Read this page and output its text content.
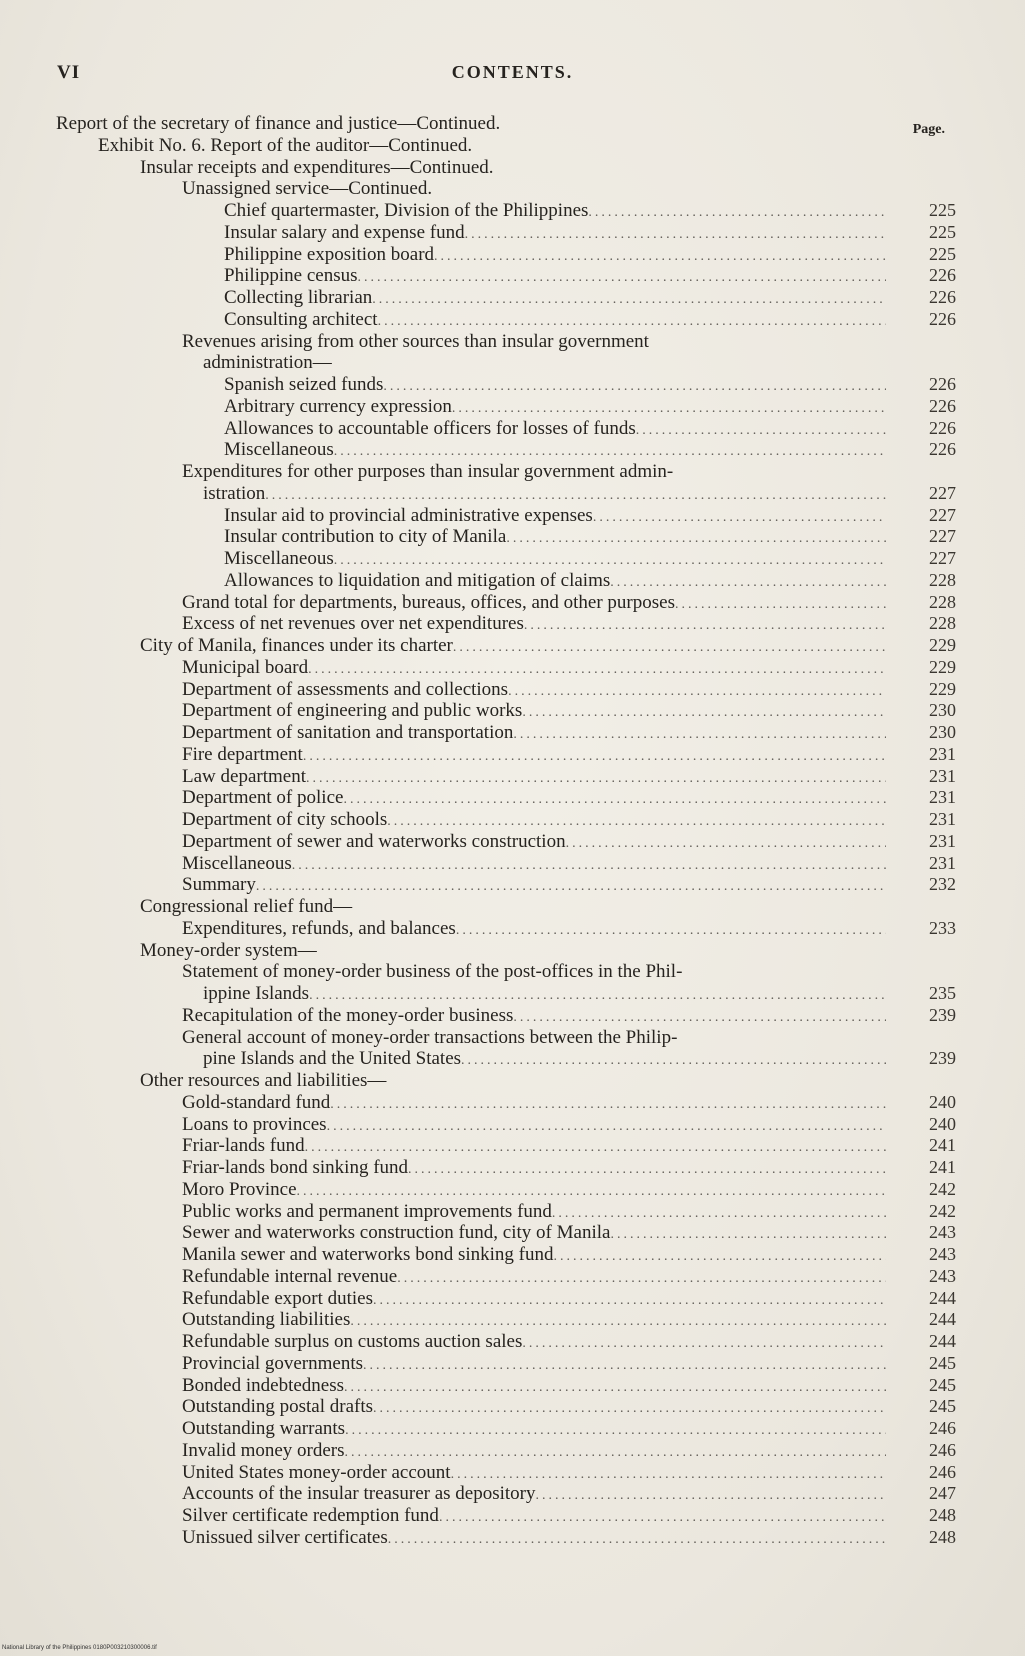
VI	CONTENTS.
Page.
Report of the secretary of finance and justice—Continued.
Exhibit No. 6. Report of the auditor—Continued.
Insular receipts and expenditures—Continued.
Unassigned service—Continued.
Chief quartermaster, Division of the Philippines .....	225
Insular salary and expense fund .....	225
Philippine exposition board .....	225
Philippine census .....	226
Collecting librarian .....	226
Consulting architect .....	226
Revenues arising from other sources than insular government
administration—
Spanish seized funds .....	226
Arbitrary currency expression .....	226
Allowances to accountable officers for losses of funds .....	226
Miscellaneous .....	226
Expenditures for other purposes than insular government admin-
istration .....	227
Insular aid to provincial administrative expenses .....	227
Insular contribution to city of Manila .....	227
Miscellaneous .....	227
Allowances to liquidation and mitigation of claims .....	228
Grand total for departments, bureaus, offices, and other purposes .....	228
Excess of net revenues over net expenditures .....	228
City of Manila, finances under its charter .....	229
Municipal board .....	229
Department of assessments and collections .....	229
Department of engineering and public works .....	230
Department of sanitation and transportation .....	230
Fire department .....	231
Law department .....	231
Department of police .....	231
Department of city schools .....	231
Department of sewer and waterworks construction .....	231
Miscellaneous .....	231
Summary .....	232
Congressional relief fund—
Expenditures, refunds, and balances .....	233
Money-order system—
Statement of money-order business of the post-offices in the Phil-
ippine Islands .....	235
Recapitulation of the money-order business .....	239
General account of money-order transactions between the Philip-
pine Islands and the United States .....	239
Other resources and liabilities—
Gold-standard fund .....	240
Loans to provinces .....	240
Friar-lands fund .....	241
Friar-lands bond sinking fund .....	241
Moro Province .....	242
Public works and permanent improvements fund .....	242
Sewer and waterworks construction fund, city of Manila .....	243
Manila sewer and waterworks bond sinking fund .....	243
Refundable internal revenue .....	243
Refundable export duties .....	244
Outstanding liabilities .....	244
Refundable surplus on customs auction sales .....	244
Provincial governments .....	245
Bonded indebtedness .....	245
Outstanding postal drafts .....	245
Outstanding warrants .....	246
Invalid money orders .....	246
United States money-order account .....	246
Accounts of the insular treasurer as depository .....	247
Silver certificate redemption fund .....	248
Unissued silver certificates .....	248
National Library of the Philippines 0180P003210300006.tif
